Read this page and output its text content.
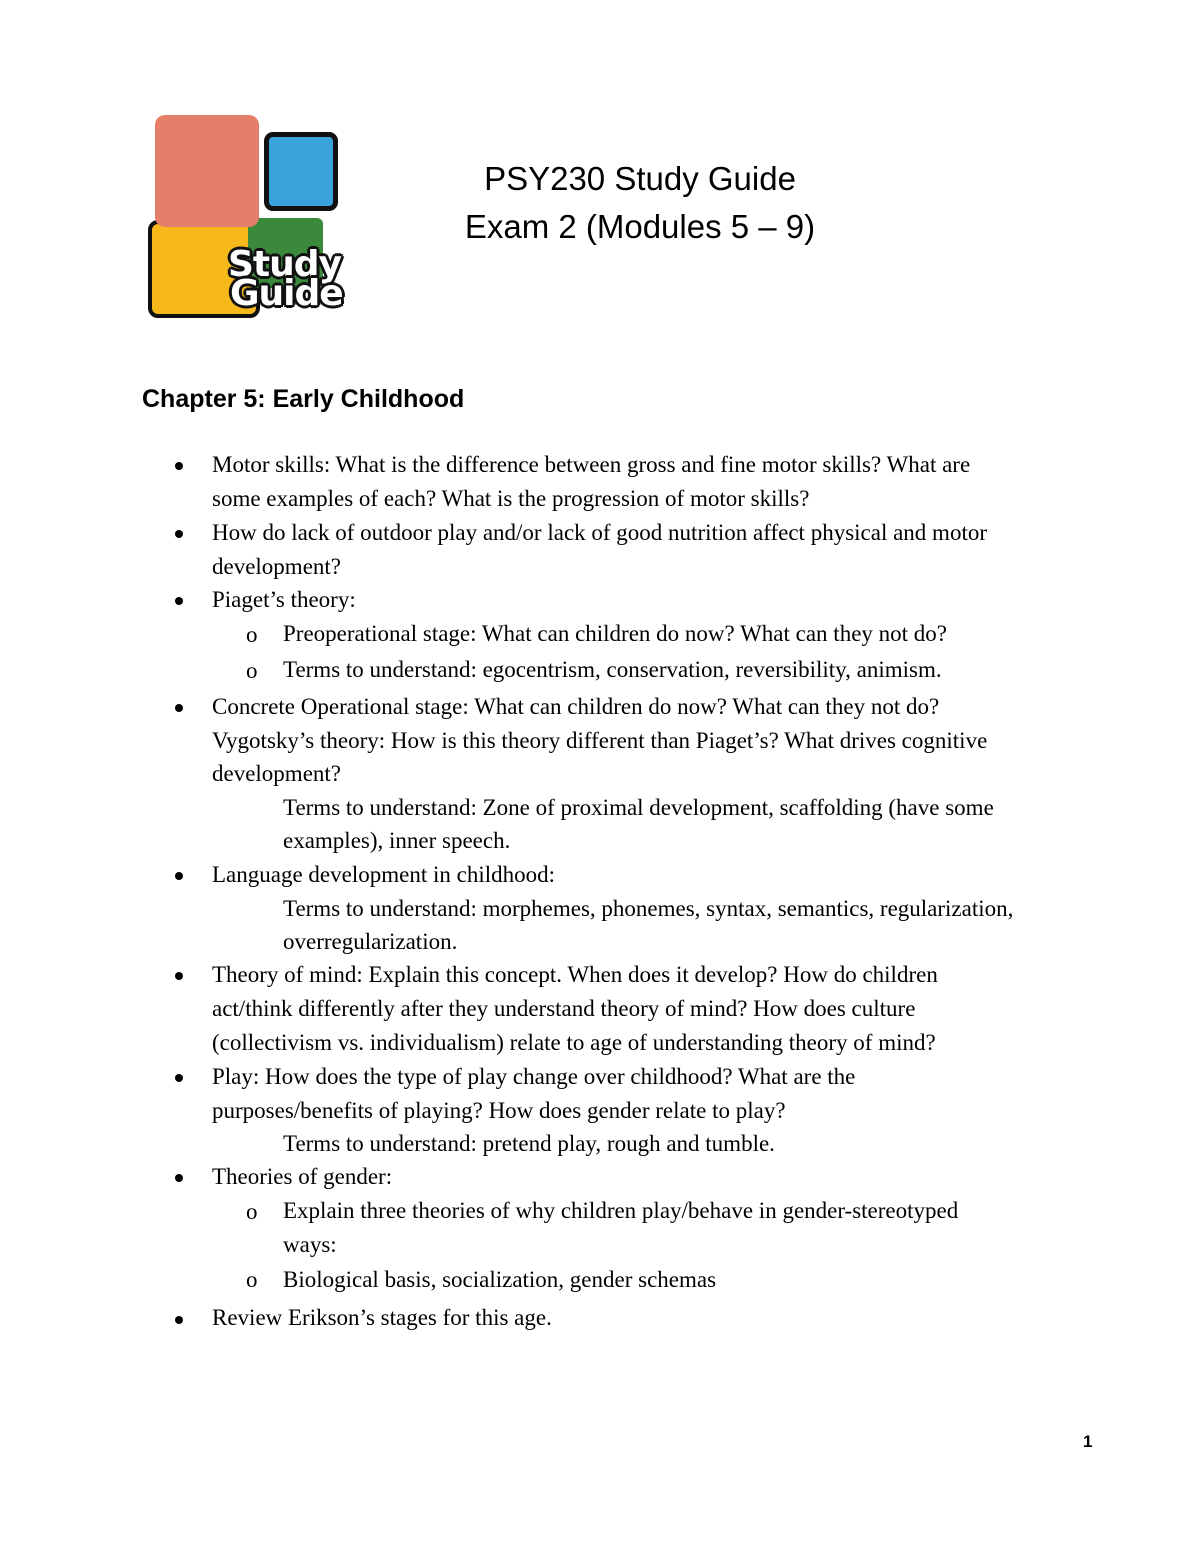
Study
Guide
PSY230 Study Guide
Exam 2 (Modules 5 – 9)
Chapter 5: Early Childhood
o
o
o
o
Motor skills: What is the difference between gross and fine motor skills? What are
some examples of each? What is the progression of motor skills?
How do lack of outdoor play and/or lack of good nutrition affect physical and motor
development?
Piaget’s theory:
Preoperational stage: What can children do now? What can they not do?
Terms to understand: egocentrism, conservation, reversibility, animism.
Concrete Operational stage: What can children do now? What can they not do?
Vygotsky’s theory: How is this theory different than Piaget’s? What drives cognitive
development?
Terms to understand: Zone of proximal development, scaffolding (have some
examples), inner speech.
Language development in childhood:
Terms to understand: morphemes, phonemes, syntax, semantics, regularization,
overregularization.
Theory of mind: Explain this concept. When does it develop? How do children
act/think differently after they understand theory of mind? How does culture
(collectivism vs. individualism) relate to age of understanding theory of mind?
Play: How does the type of play change over childhood? What are the
purposes/benefits of playing? How does gender relate to play?
Terms to understand: pretend play, rough and tumble.
Theories of gender:
Explain three theories of why children play/behave in gender-stereotyped
ways:
Biological basis, socialization, gender schemas
Review Erikson’s stages for this age.
1
